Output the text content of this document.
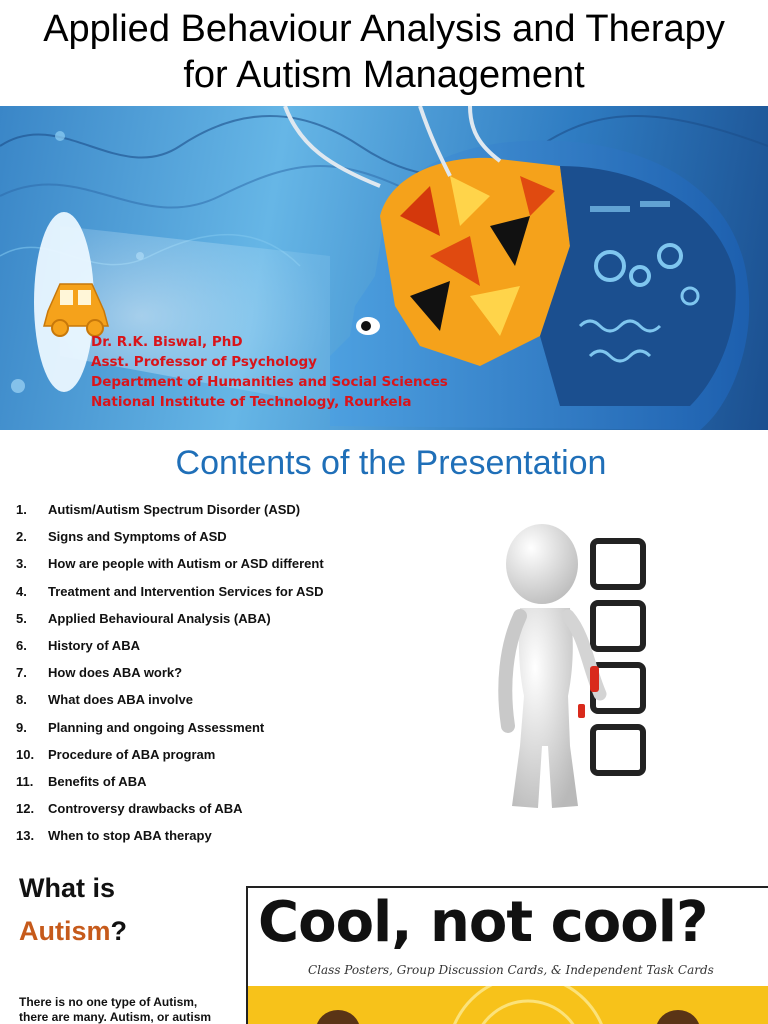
Applied Behaviour Analysis and Therapy
for Autism Management
Dr. R.K. Biswal, PhD
Asst. Professor of Psychology
Department of Humanities and Social Sciences
National Institute of Technology, Rourkela
Contents of the Presentation
1. Autism/Autism Spectrum Disorder (ASD)
2. Signs and Symptoms of ASD
3. How are people with Autism or ASD different
4. Treatment and Intervention Services for ASD
5. Applied Behavioural Analysis (ABA)
6. History of ABA
7. How does ABA work?
8. What does ABA involve
9. Planning and ongoing Assessment
10. Procedure of ABA program
11. Benefits of ABA
12. Controversy drawbacks of ABA
13. When to stop ABA therapy
What is
Autism?
There is no one type of Autism,
there are many. Autism, or autism
Cool, not cool?
Class Posters, Group Discussion Cards, & Independent Task Cards
